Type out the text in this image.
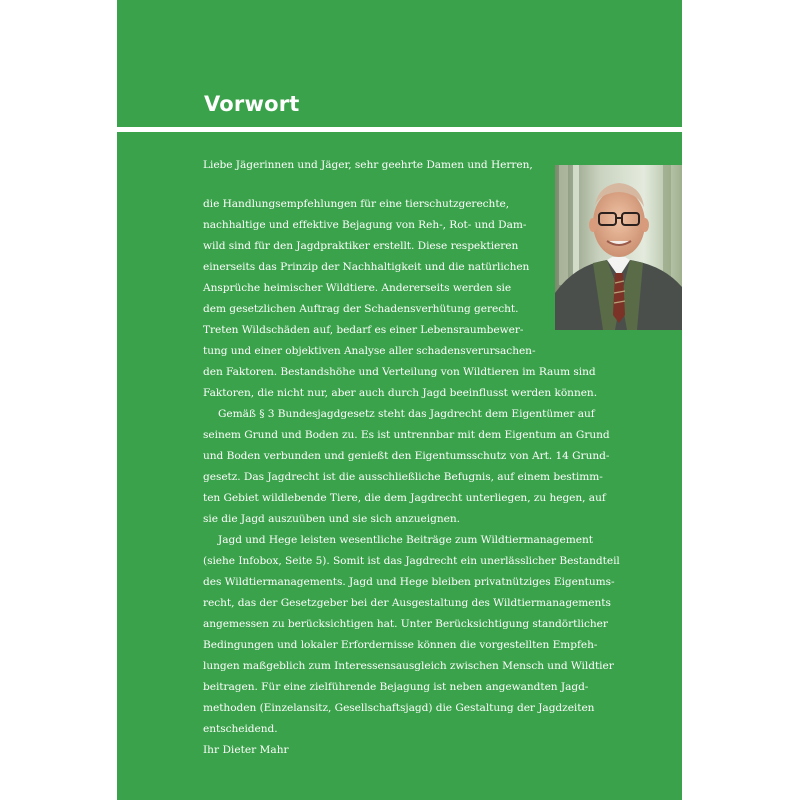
Vorwort

Liebe Jägerinnen und Jäger, sehr geehrte Damen und Herren,

die Handlungsempfehlungen für eine tierschutzgerechte,

nachhaltige und effektive Bejagung von Reh-, Rot- und Dam-

wild sind für den Jagdpraktiker erstellt. Diese respektieren

einerseits das Prinzip der Nachhaltigkeit und die natürlichen

Ansprüche heimischer Wildtiere. Andererseits werden sie

dem gesetzlichen Auftrag der Schadensverhütung gerecht.

Treten Wildschäden auf, bedarf es einer Lebensraumbewer-

tung und einer objektiven Analyse aller schadensverursachen-

den Faktoren. Bestandshöhe und Verteilung von Wildtieren im Raum sind

Faktoren, die nicht nur, aber auch durch Jagd beeinflusst werden können.

Gemäß § 3 Bundesjagdgesetz steht das Jagdrecht dem Eigentümer auf

seinem Grund und Boden zu. Es ist untrennbar mit dem Eigentum an Grund

und Boden verbunden und genießt den Eigentumsschutz von Art. 14 Grund-

gesetz. Das Jagdrecht ist die ausschließliche Befugnis, auf einem bestimm-

ten Gebiet wildlebende Tiere, die dem Jagdrecht unterliegen, zu hegen, auf

sie die Jagd auszuüben und sie sich anzueignen.

Jagd und Hege leisten wesentliche Beiträge zum Wildtiermanagement

(siehe Infobox, Seite 5). Somit ist das Jagdrecht ein unerlässlicher Bestandteil

des Wildtiermanagements. Jagd und Hege bleiben privatnütziges Eigentums-

recht, das der Gesetzgeber bei der Ausgestaltung des Wildtiermanagements

angemessen zu berücksichtigen hat. Unter Berücksichtigung standörtlicher

Bedingungen und lokaler Erfordernisse können die vorgestellten Empfeh-

lungen maßgeblich zum Interessensausgleich zwischen Mensch und Wildtier

beitragen. Für eine zielführende Bejagung ist neben angewandten Jagd-

methoden (Einzelansitz, Gesellschaftsjagd) die Gestaltung der Jagdzeiten

entscheidend.

Ihr Dieter Mahr
